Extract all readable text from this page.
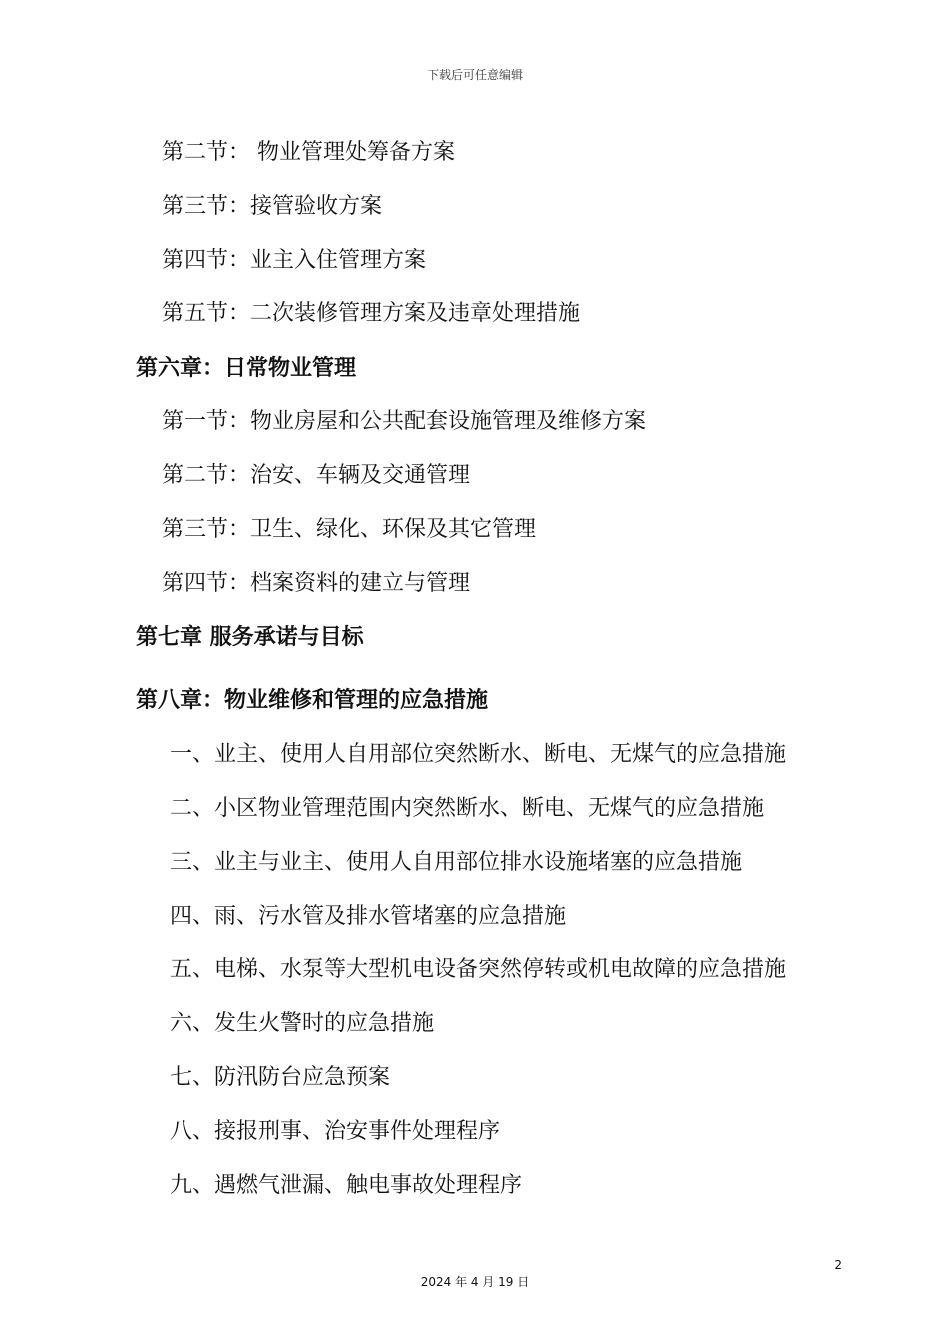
下载后可任意编辑
第二节： 物业管理处筹备方案
第三节：接管验收方案
第四节：业主入住管理方案
第五节：二次装修管理方案及违章处理措施
第六章：日常物业管理
第一节：物业房屋和公共配套设施管理及维修方案
第二节：治安、车辆及交通管理
第三节：卫生、绿化、环保及其它管理
第四节：档案资料的建立与管理
第七章 服务承诺与目标
第八章：物业维修和管理的应急措施
一、业主、使用人自用部位突然断水、断电、无煤气的应急措施
二、小区物业管理范围内突然断水、断电、无煤气的应急措施
三、业主与业主、使用人自用部位排水设施堵塞的应急措施
四、雨、污水管及排水管堵塞的应急措施
五、电梯、水泵等大型机电设备突然停转或机电故障的应急措施
六、发生火警时的应急措施
七、防汛防台应急预案
八、接报刑事、治安事件处理程序
九、遇燃气泄漏、触电事故处理程序
2
2024 年 4 月 19 日
